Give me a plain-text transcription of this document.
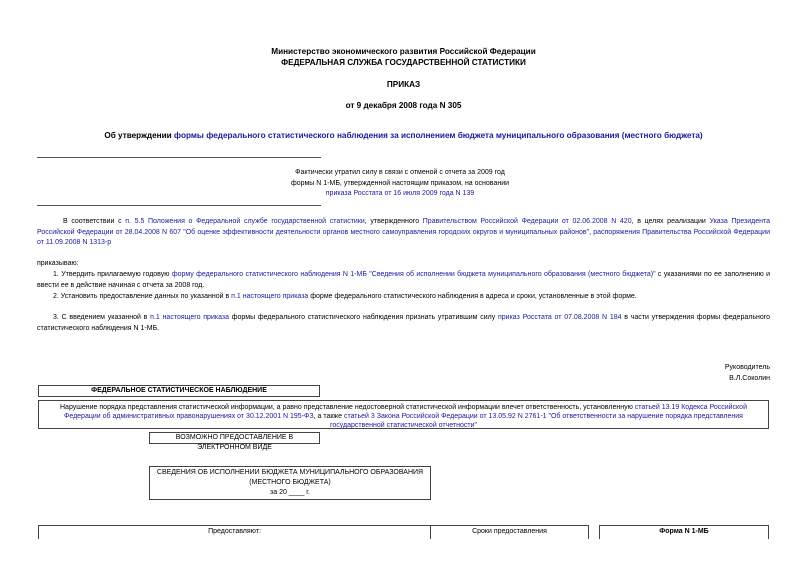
Министерство экономического развития Российской Федерации
ФЕДЕРАЛЬНАЯ СЛУЖБА ГОСУДАРСТВЕННОЙ СТАТИСТИКИ
ПРИКАЗ
от 9 декабря 2008 года N 305
Об утверждении формы федерального статистического наблюдения за исполнением бюджета муниципального образования (местного бюджета)

Фактически утратил силу в связи с отменой с отчета за 2009 год

формы N 1-МБ, утвержденной настоящим приказом, на основании

приказа Росстата от 16 июля 2009 года N 139

В соответствии с п. 5.5 Положения о Федеральной службе государственной статистики, утвержденного Правительством Российской Федерации от 02.06.2008 N 420, в целях реализации Указа Президента Российской Федерации от 28.04.2008 N 607 "Об оценке эффективности деятельности органов местного самоуправления городских округов и муниципальных районов", распоряжения Правительства Российской Федерации от 11.09.2008 N 1313-р
приказываю:
1. Утвердить прилагаемую годовую форму федерального статистического наблюдения N 1-МБ "Сведения об исполнении бюджета муниципального образования (местного бюджета)" с указаниями по ее заполнению и ввести ее в действие начиная с отчета за 2008 год.
2. Установить предоставление данных по указанной в п.1 настоящего приказа форме федерального статистического наблюдения в адреса и сроки, установленные в этой форме.
3. С введением указанной в п.1 настоящего приказа формы федерального статистического наблюдения признать утратившим силу приказ Росстата от 07.08.2008 N 184 в части утверждения формы федерального статистического наблюдения N 1-МБ.

Руководитель

В.Л.Соколин

ФЕДЕРАЛЬНОЕ СТАТИСТИЧЕСКОЕ НАБЛЮДЕНИЕ
Нарушение порядка представления статистической информации, а равно представление недостоверной статистической информации влечет ответственность, установленную статьей 13.19 Кодекса Российской Федерации об административных правонарушениях от 30.12.2001 N 195-ФЗ, а также статьей 3 Закона Российской Федерации от 13.05.92 N 2761-1 "Об ответственности за нарушение порядка представления государственной статистической отчетности"
ВОЗМОЖНО ПРЕДОСТАВЛЕНИЕ В ЭЛЕКТРОННОМ ВИДЕ

СВЕДЕНИЯ ОБ ИСПОЛНЕНИИ БЮДЖЕТА МУНИЦИПАЛЬНОГО ОБРАЗОВАНИЯ

(МЕСТНОГО БЮДЖЕТА)

за 20 ____ г.

Предоставляют:	Сроки предоставления	Форма N 1-МБ
